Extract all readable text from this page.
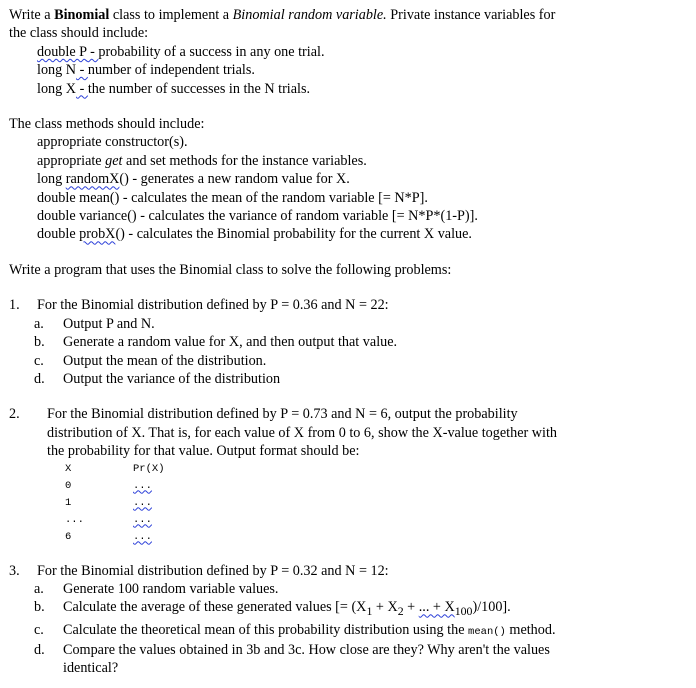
Write a Binomial class to implement a Binomial random variable. Private instance variables for
the class should include:
double P - probability of a success in any one trial.
long N - number of independent trials.
long X - the number of successes in the N trials.
The class methods should include:
appropriate constructor(s).
appropriate get and set methods for the instance variables.
long randomX() - generates a new random value for X.
double mean() - calculates the mean of the random variable [= N*P].
double variance() - calculates the variance of random variable [= N*P*(1-P)].
double probX() - calculates the Binomial probability for the current X value.
Write a program that uses the Binomial class to solve the following problems:
1. For the Binomial distribution defined by P = 0.36 and N = 22:
a.	Output P and N.
b.	Generate a random value for X, and then output that value.
c.	Output the mean of the distribution.
d.	Output the variance of the distribution
2. For the Binomial distribution defined by P = 0.73 and N = 6, output the probability
distribution of X. That is, for each value of X from 0 to 6, show the X-value together with
the probability for that value. Output format should be:
X	Pr(X)
0	...
1	...
...	...
6	...
3. For the Binomial distribution defined by P = 0.32 and N = 12:
a.	Generate 100 random variable values.
b.	Calculate the average of these generated values [= ($X_1 + X_2$ + ... + $X_{100})/100$].
c.	Calculate the theoretical mean of this probability distribution using the mean() method.
d.	Compare the values obtained in 3b and 3c. How close are they? Why aren't the values
identical?
